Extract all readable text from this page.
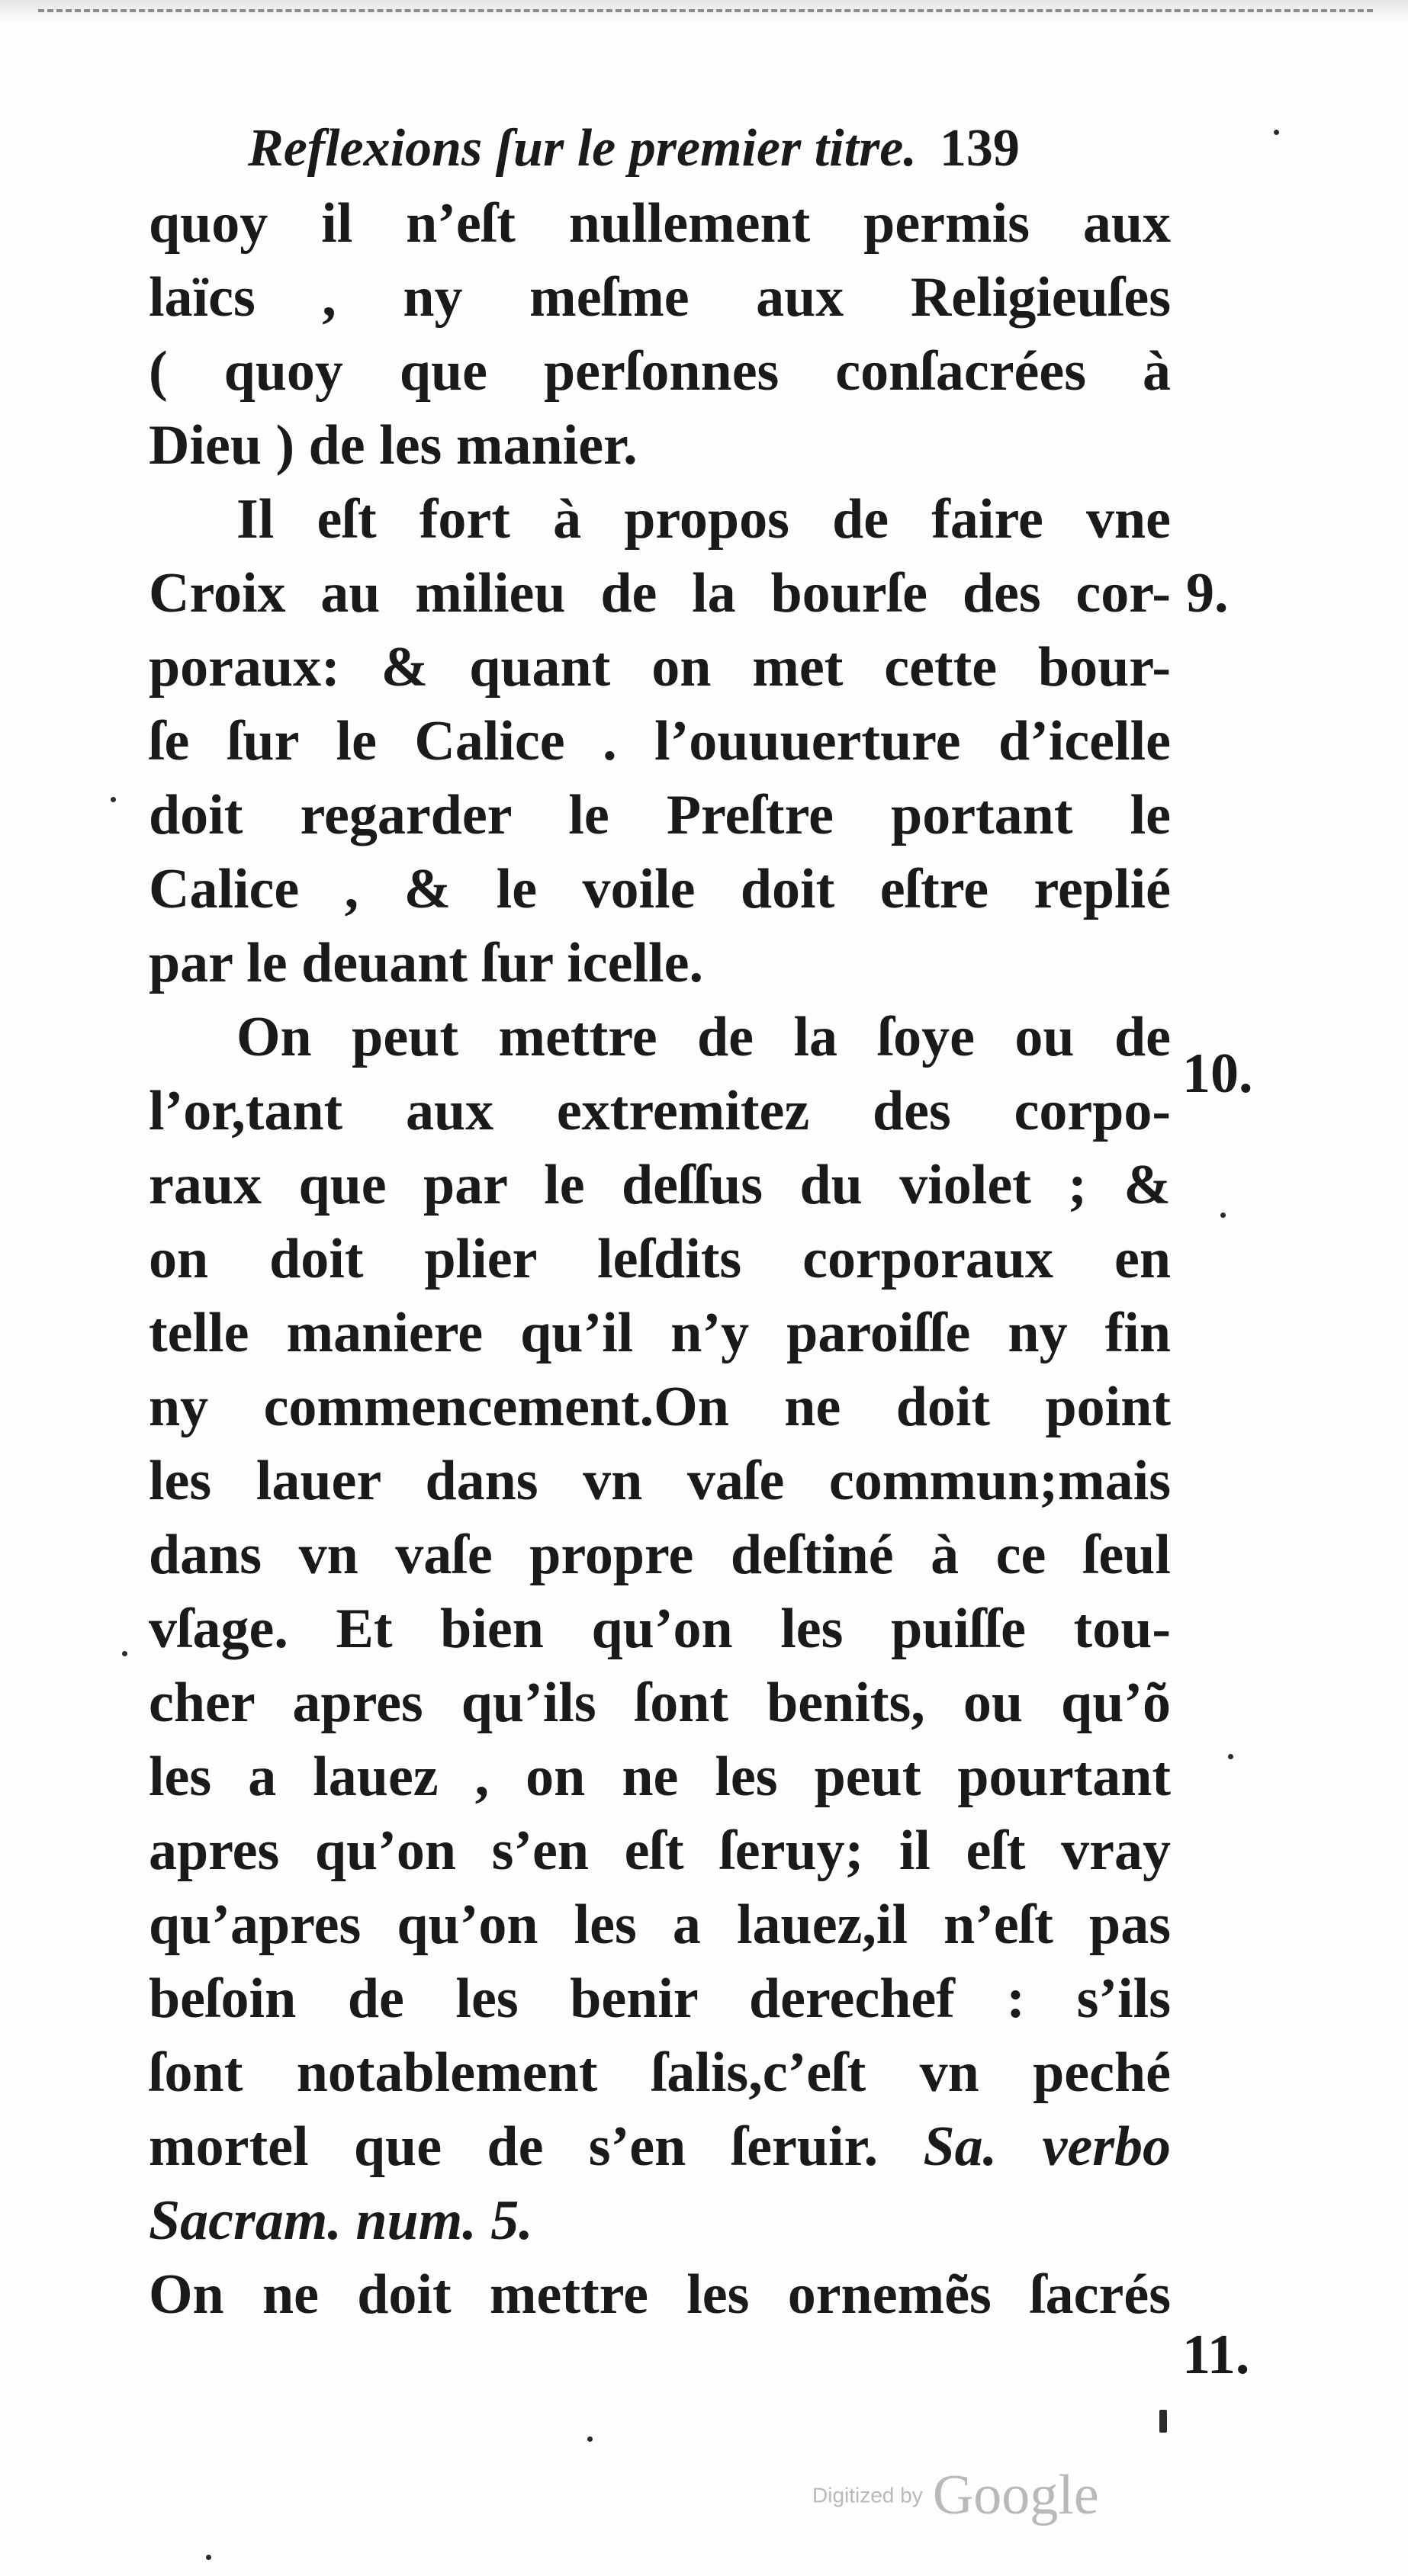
Reflexions ſur le premier titre. 139
quoy il n’eſt nullement permis aux
laïcs , ny meſme aux Religieuſes
( quoy que perſonnes conſacrées à
Dieu ) de les manier.
Il eſt fort à propos de faire vne
Croix au milieu de la bourſe des cor-
poraux: & quant on met cette bour-
ſe ſur le Calice . l’ouuuerture d’icelle
doit regarder le Preſtre portant le
Calice , & le voile doit eſtre replié
par le deuant ſur icelle.
On peut mettre de la ſoye ou de
l’or,tant aux extremitez des corpo-
raux que par le deſſus du violet ; &
on doit plier leſdits corporaux en
telle maniere qu’il n’y paroiſſe ny fin
ny commencement.On ne doit point
les lauer dans vn vaſe commun;mais
dans vn vaſe propre deſtiné à ce ſeul
vſage. Et bien qu’on les puiſſe tou-
cher apres qu’ils ſont benits, ou qu’õ
les a lauez , on ne les peut pourtant
apres qu’on s’en eſt ſeruy; il eſt vray
qu’apres qu’on les a lauez,il n’eſt pas
beſoin de les benir derechef : s’ils
ſont notablement ſalis,c’eſt vn peché
mortel que de s’en ſeruir. Sa. verbo
Sacram. num. 5.
On ne doit mettre les ornemẽs ſacrés
9.
10.
11.
Digitized by Google
